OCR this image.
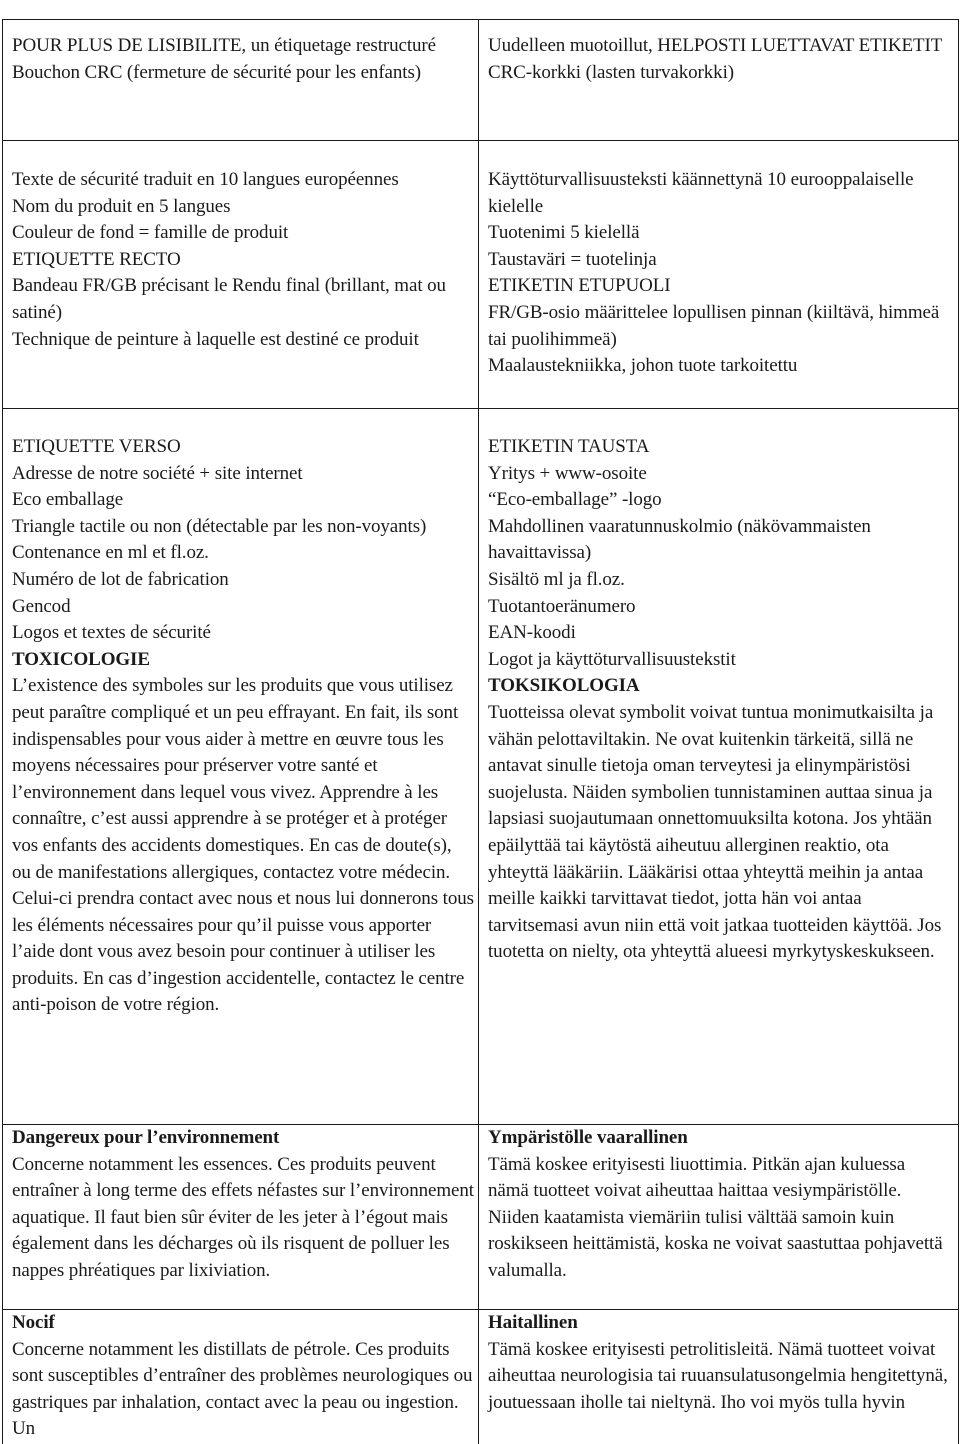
POUR PLUS DE LISIBILITE, un étiquetage restructuré

Bouchon CRC (fermeture de sécurité pour les enfants)

Uudelleen muotoillut, HELPOSTI LUETTAVAT ETIKETIT

CRC-korkki (lasten turvakorkki)

Texte de sécurité traduit en 10 langues européennes

Nom du produit en 5 langues

Couleur de fond = famille de produit

ETIQUETTE RECTO

Bandeau FR/GB précisant le Rendu final (brillant, mat ou satiné)

Technique de peinture à laquelle est destiné ce produit

Käyttöturvallisuusteksti käännettynä 10 eurooppalaiselle kielelle

Tuotenimi 5 kielellä

Taustaväri = tuotelinja

ETIKETIN ETUPUOLI

FR/GB-osio määrittelee lopullisen pinnan (kiiltävä, himmeä tai puolihimmeä)

Maalaustekniikka, johon tuote tarkoitettu

ETIQUETTE VERSO

Adresse de notre société + site internet

Eco emballage

Triangle tactile ou non (détectable par les non-voyants)

Contenance en ml et fl.oz.

Numéro de lot de fabrication

Gencod

Logos et textes de sécurité

TOXICOLOGIE

L’existence des symboles sur les produits que vous utilisez peut paraître compliqué et un peu effrayant. En fait, ils sont indispensables pour vous aider à mettre en œuvre tous les moyens nécessaires pour préserver votre santé et l’environnement dans lequel vous vivez. Apprendre à les connaître, c’est aussi apprendre à se protéger et à protéger vos enfants des accidents domestiques. En cas de doute(s), ou de manifestations allergiques, contactez votre médecin. Celui-ci prendra contact avec nous et nous lui donnerons tous les éléments nécessaires pour qu’il puisse vous apporter l’aide dont vous avez besoin pour continuer à utiliser les produits. En cas d’ingestion accidentelle, contactez le centre anti-poison de votre région.

ETIKETIN TAUSTA

Yritys + www-osoite

“Eco-emballage” -logo

Mahdollinen vaaratunnuskolmio (näkövammaisten havaittavissa)

Sisältö ml ja fl.oz.

Tuotantoeränumero

EAN-koodi

Logot ja käyttöturvallisuustekstit

TOKSIKOLOGIA

Tuotteissa olevat symbolit voivat tuntua monimutkaisilta ja vähän pelottaviltakin. Ne ovat kuitenkin tärkeitä, sillä ne antavat sinulle tietoja oman terveytesi ja elinympäristösi suojelusta. Näiden symbolien tunnistaminen auttaa sinua ja lapsiasi suojautumaan onnettomuuksilta kotona. Jos yhtään epäilyttää tai käytöstä aiheutuu allerginen reaktio, ota yhteyttä lääkäriin. Lääkärisi ottaa yhteyttä meihin ja antaa meille kaikki tarvittavat tiedot, jotta hän voi antaa tarvitsemasi avun niin että voit jatkaa tuotteiden käyttöä. Jos tuotetta on nielty, ota yhteyttä alueesi myrkytyskeskukseen.

Dangereux pour l’environnement

Concerne notamment les essences. Ces produits peuvent entraîner à long terme des effets néfastes sur l’environnement aquatique. Il faut bien sûr éviter de les jeter à l’égout mais également dans les décharges où ils risquent de polluer les nappes phréatiques par lixiviation.

Ympäristölle vaarallinen

Tämä koskee erityisesti liuottimia. Pitkän ajan kuluessa nämä tuotteet voivat aiheuttaa haittaa vesiympäristölle. Niiden kaatamista viemäriin tulisi välttää samoin kuin roskikseen heittämistä, koska ne voivat saastuttaa pohjavettä valumalla.

Nocif

Concerne notamment les distillats de pétrole. Ces produits sont susceptibles d’entraîner des problèmes neurologiques ou gastriques par inhalation, contact avec la peau ou ingestion. Un

Haitallinen

Tämä koskee erityisesti petrolitisleitä. Nämä tuotteet voivat aiheuttaa neurologisia tai ruuansulatusongelmia hengitettynä, joutuessaan iholle tai nieltynä. Iho voi myös tulla hyvin
